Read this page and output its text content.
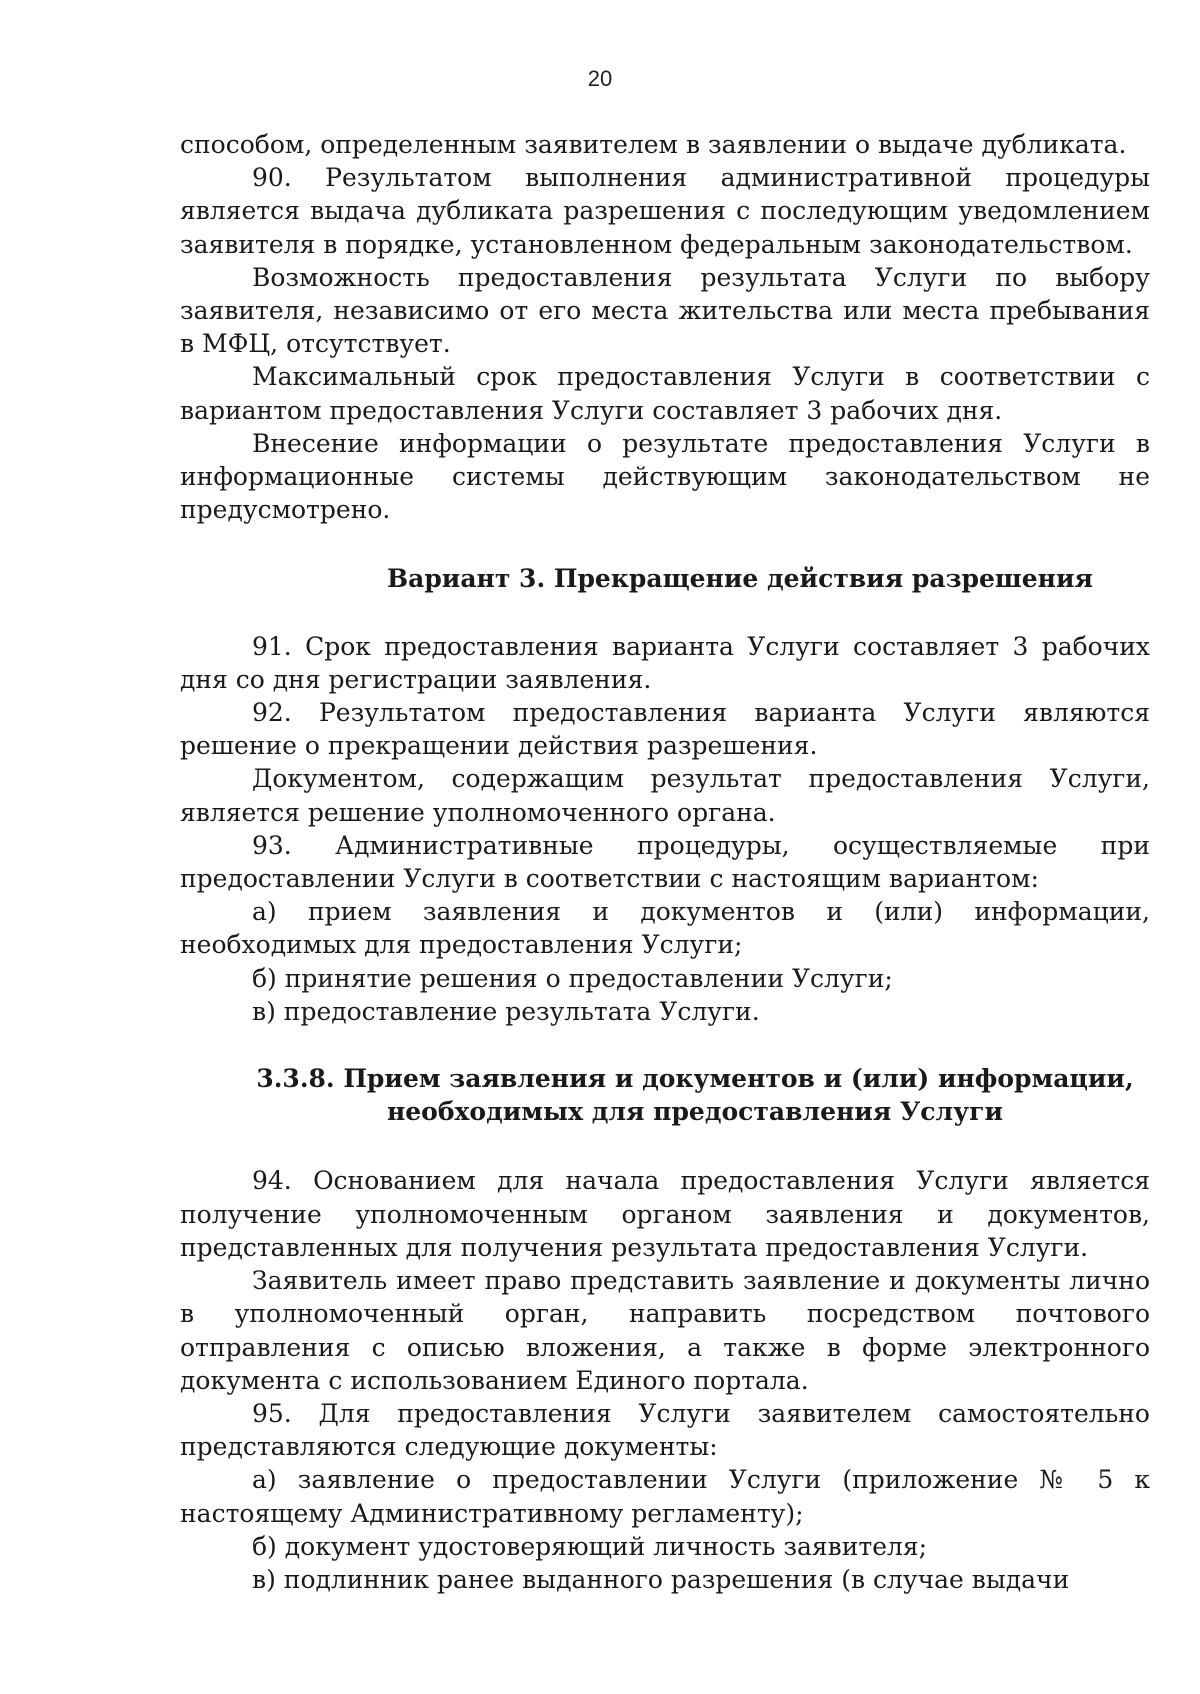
20

способом, определенным заявителем в заявлении о выдаче дубликата.

90. Результатом выполнения административной процедуры является выдача дубликата разрешения с последующим уведомлением заявителя в порядке, установленном федеральным законодательством.

Возможность предоставления результата Услуги по выбору заявителя, независимо от его места жительства или места пребывания в МФЦ, отсутствует.

Максимальный срок предоставления Услуги в соответствии с вариантом предоставления Услуги составляет 3 рабочих дня.

Внесение информации о результате предоставления Услуги в информационные системы действующим законодательством не предусмотрено.

Вариант 3. Прекращение действия разрешения

91. Срок предоставления варианта Услуги составляет 3 рабочих дня со дня регистрации заявления.

92. Результатом предоставления варианта Услуги являются решение о прекращении действия разрешения.

Документом, содержащим результат предоставления Услуги, является решение уполномоченного органа.

93. Административные процедуры, осуществляемые при предоставлении Услуги в соответствии с настоящим вариантом:

а) прием заявления и документов и (или) информации, необходимых для предоставления Услуги;

б) принятие решения о предоставлении Услуги;

в) предоставление результата Услуги.

3.3.8. Прием заявления и документов и (или) информации,
необходимых для предоставления Услуги

94. Основанием для начала предоставления Услуги является получение уполномоченным органом заявления и документов, представленных для получения результата предоставления Услуги.

Заявитель имеет право представить заявление и документы лично в уполномоченный орган, направить посредством почтового отправления с описью вложения, а также в форме электронного документа с использованием Единого портала.

95. Для предоставления Услуги заявителем самостоятельно представляются следующие документы:

а) заявление о предоставлении Услуги (приложение № 5 к настоящему Административному регламенту);

б) документ удостоверяющий личность заявителя;

в) подлинник ранее выданного разрешения (в случае выдачи
